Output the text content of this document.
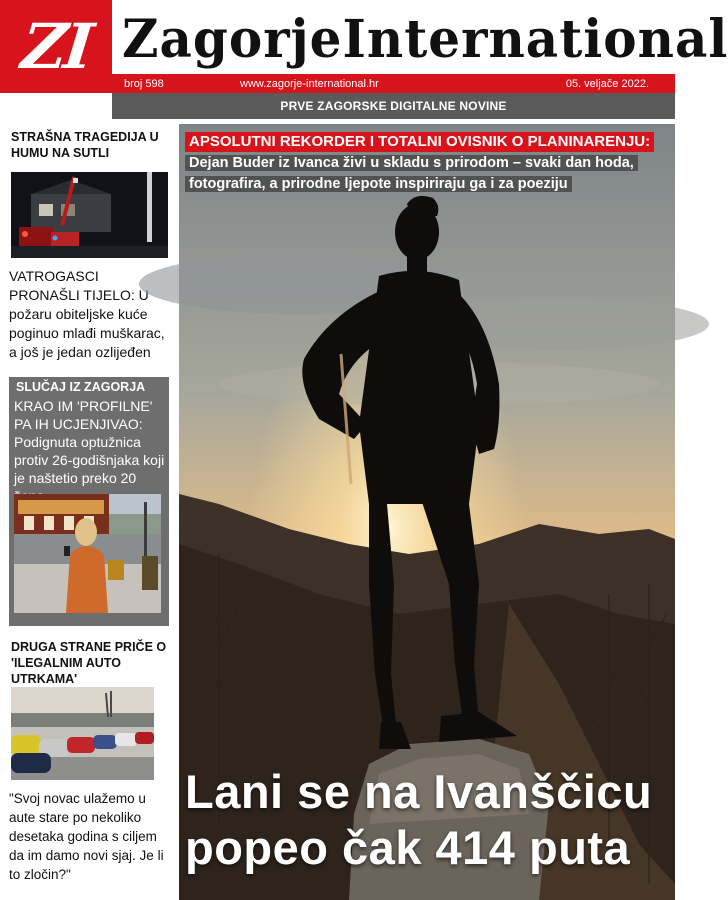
ZI Zagorje International
broj 598	www.zagorje-international.hr	05. veljače 2022.
PRVE ZAGORSKE DIGITALNE NOVINE
STRAŠNA TRAGEDIJA U HUMU NA SUTLI
VATROGASCI PRONAŠLI TIJELO: U požaru obiteljske kuće poginuo mlađi muškarac, a još je jedan ozlijeđen
SLUČAJ IZ ZAGORJA
KRAO IM 'PROFILNE' PA IH UCJENJIVAO: Podignuta optužnica protiv 26-godišnjaka koji je naštetio preko 20
DRUGA STRANE PRIČE O 'ILEGALNIM AUTO UTRKAMA'
"Svoj novac ulažemo u aute stare po nekoliko desetaka godina s ciljem da im damo novi sjaj. Je li to zločin?"
APSOLUTNI REKORDER I TOTALNI OVISNIK O PLANINARENJU:
Dejan Buder iz Ivanca živi u skladu s prirodom – svaki dan hoda, fotografira, a prirodne ljepote inspiriraju ga i za poeziju
Lani se na Ivanščicu popeo čak 414 puta
